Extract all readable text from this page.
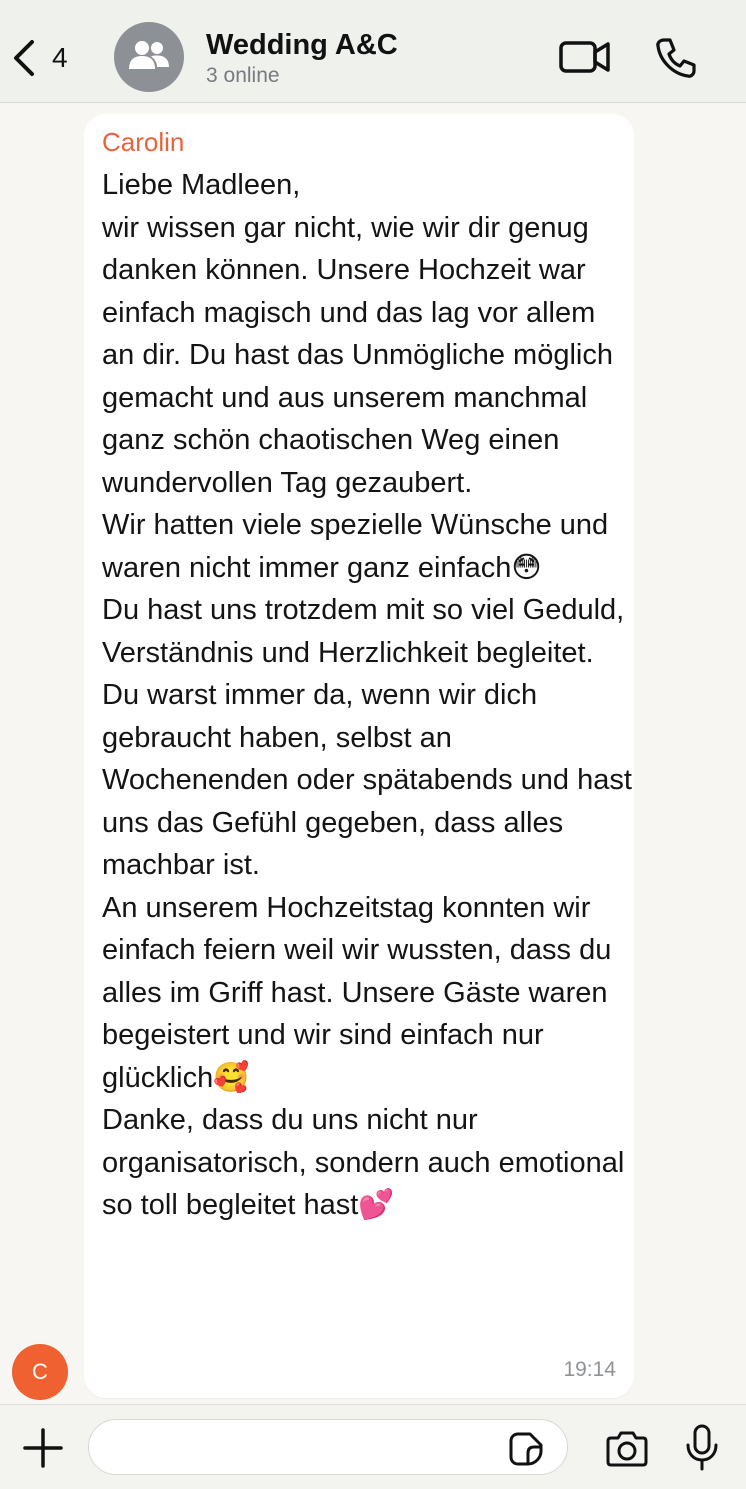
4	Wedding A&C
3 online
Carolin
Liebe Madleen,
wir wissen gar nicht, wie wir dir genug danken können. Unsere Hochzeit war einfach magisch und das lag vor allem an dir. Du hast das Unmögliche möglich gemacht und aus unserem manchmal ganz schön chaotischen Weg einen wundervollen Tag gezaubert.
Wir hatten viele spezielle Wünsche und waren nicht immer ganz einfach😳
Du hast uns trotzdem mit so viel Geduld, Verständnis und Herzlichkeit begleitet. Du warst immer da, wenn wir dich gebraucht haben, selbst an Wochenenden oder spätabends und hast uns das Gefühl gegeben, dass alles machbar ist.
An unserem Hochzeitstag konnten wir einfach feiern weil wir wussten, dass du alles im Griff hast. Unsere Gäste waren begeistert und wir sind einfach nur glücklich🥰
Danke, dass du uns nicht nur organisatorisch, sondern auch emotional so toll begleitet hast💕
19:14
C
